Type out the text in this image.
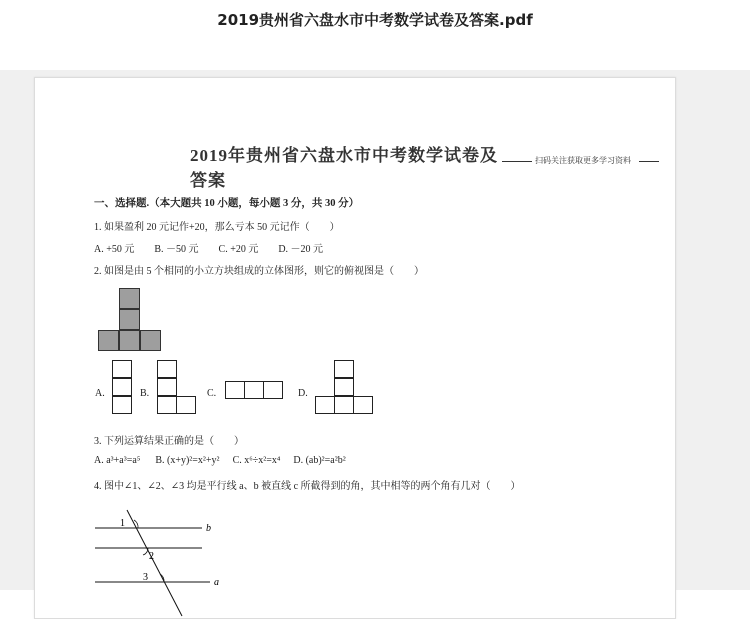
2019贵州省六盘水市中考数学试卷及答案.pdf
2019年贵州省六盘水市中考数学试卷及答案
扫码关注获取更多学习资料
一、选择题.（本大题共 10 小题，每小题 3 分，共 30 分）
1. 如果盈利 20 元记作+20，那么亏本 50 元记作（　　）
A. +50 元　　B. －50 元　　C. +20 元　　D. －20 元
2. 如图是由 5 个相同的小立方块组成的立体图形，则它的俯视图是（　　）
A.	B.	C.	D.
3. 下列运算结果正确的是（　　）
A. a³+a³=a⁵ B. (x+y)²=x²+y² C. x⁶÷x²=x⁴ D. (ab)²=a²b²
4. 图中∠1、∠2、∠3 均是平行线 a、b 被直线 c 所截得到的角，其中相等的两个角有几对（　　）
1
2
3
b
a
